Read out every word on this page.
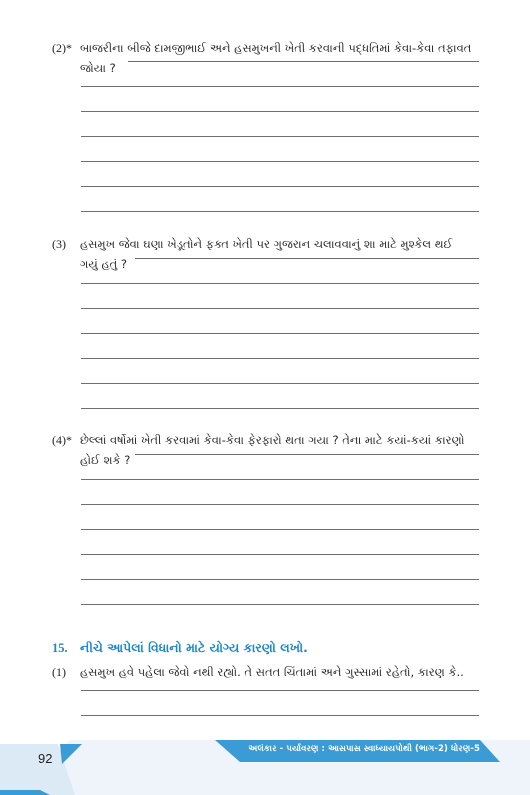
(2)* બાજરીના બીજે દામજીભાઈ અને હસમુખની ખેતી કરવાની પદ્ધતિમાં કેવા-કેવા તફાવત
જોયા ?
(3) હસમુખ જેવા ઘણા ખેડૂતોને ફક્ત ખેતી પર ગુજરાન ચલાવવાનું શા માટે મુશ્કેલ થઈ
ગયું હતું ?
(4)* છેલ્લાં વર્ષોમાં ખેતી કરવામાં કેવા-કેવા ફેરફારો થતા ગયા ? તેના માટે કયાં-કયાં કારણો
હોઈ શકે ?
15. નીચે આપેલાં વિધાનો માટે યોગ્ય કારણો લખો.
(1) હસમુખ હવે પહેલા જેવો નથી રહ્યો. તે સતત ચિંતામાં અને ગુસ્સામાં રહેતો, કારણ કે..
92
અલંકાર - પર્યાવરણ : આસપાસ સ્વાધ્યાયપોથી (ભાગ-2) ધોરણ-5
